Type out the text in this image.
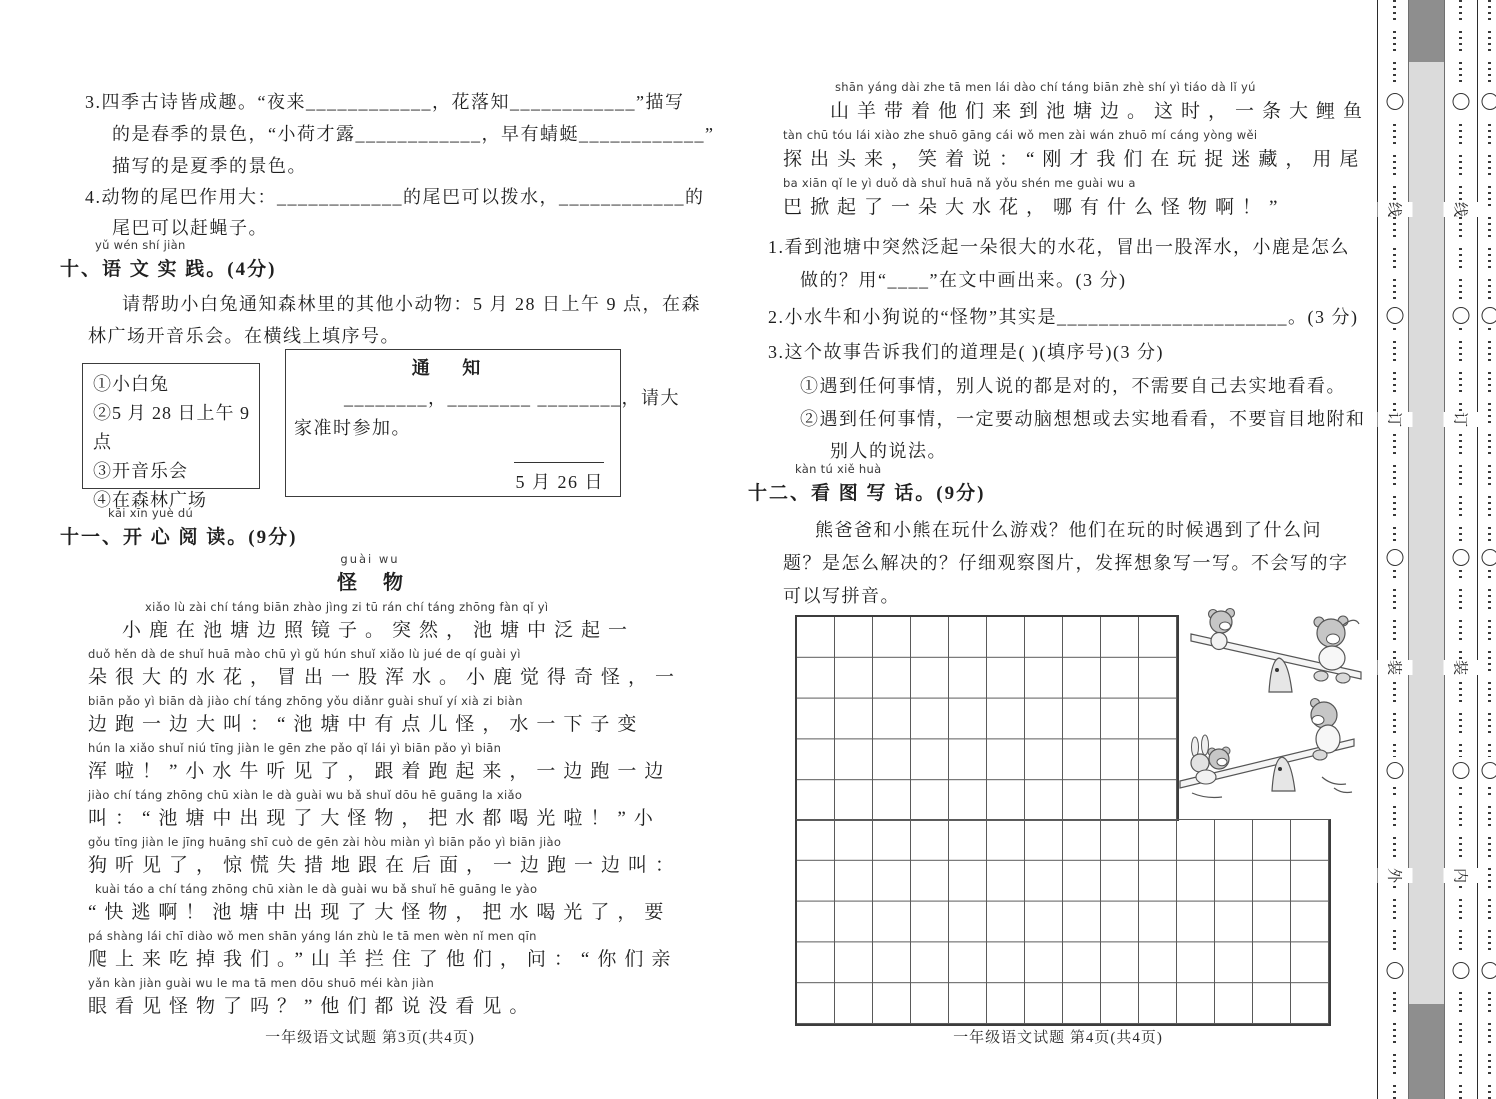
3.四季古诗皆成趣。“夜来____________，花落知____________”描写
的是春季的景色，“小荷才露____________，早有蜻蜓____________”
描写的是夏季的景色。
4.动物的尾巴作用大：____________的尾巴可以拨水，____________的
尾巴可以赶蝇子。
yǔ wén shí jiàn
十、语 文 实 践。(4分)
请帮助小白兔通知森林里的其他小动物：5 月 28 日上午 9 点，在森
林广场开音乐会。在横线上填序号。
①小白兔
②5 月 28 日上午 9 点
③开音乐会
④在森林广场
通 知
________，________ ________，请大
家准时参加。
5 月 26 日
kāi xīn yuè dú
十一、开 心 阅 读。(9分)
guài wu
怪物
xiǎo lù zài chí táng biān zhào jìng zi tū rán chí táng zhōng fàn qǐ yì
小鹿在池塘边照镜子。突然，池塘中泛起一
duǒ hěn dà de shuǐ huā mào chū yì gǔ hún shuǐ xiǎo lù jué de qí guài yì
朵很大的水花，冒出一股浑水。小鹿觉得奇怪，一
biān pǎo yì biān dà jiào chí táng zhōng yǒu diǎnr guài shuǐ yí xià zi biàn
边跑一边大叫：“池塘中有点儿怪，水一下子变
hún la xiǎo shuǐ niú tīng jiàn le gēn zhe pǎo qǐ lái yì biān pǎo yì biān
浑啦！”小水牛听见了，跟着跑起来，一边跑一边
jiào chí táng zhōng chū xiàn le dà guài wu bǎ shuǐ dōu hē guāng la xiǎo
叫：“池塘中出现了大怪物，把水都喝光啦！”小
gǒu tīng jiàn le jīng huāng shī cuò de gēn zài hòu miàn yì biān pǎo yì biān jiào
狗听见了，惊慌失措地跟在后面，一边跑一边叫：
kuài táo a chí táng zhōng chū xiàn le dà guài wu bǎ shuǐ hē guāng le yào
“快逃啊！池塘中出现了大怪物，把水喝光了，要
pá shàng lái chī diào wǒ men shān yáng lán zhù le tā men wèn nǐ men qīn
爬上来吃掉我们。”山羊拦住了他们，问：“你们亲
yǎn kàn jiàn guài wu le ma tā men dōu shuō méi kàn jiàn
眼看见怪物了吗？”他们都说没看见。
一年级语文试题 第3页(共4页)
shān yáng dài zhe tā men lái dào chí táng biān zhè shí yì tiáo dà lǐ yú
山羊带着他们来到池塘边。这时，一条大鲤鱼
tàn chū tóu lái xiào zhe shuō gāng cái wǒ men zài wán zhuō mí cáng yòng wěi
探出头来，笑着说：“刚才我们在玩捉迷藏，用尾
ba xiān qǐ le yì duǒ dà shuǐ huā nǎ yǒu shén me guài wu a
巴掀起了一朵大水花，哪有什么怪物啊！”
1.看到池塘中突然泛起一朵很大的水花，冒出一股浑水，小鹿是怎么
做的？用“____”在文中画出来。(3 分)
2.小水牛和小狗说的“怪物”其实是______________________。(3 分)
3.这个故事告诉我们的道理是( )(填序号)(3 分)
①遇到任何事情，别人说的都是对的，不需要自己去实地看看。
②遇到任何事情，一定要动脑想想或去实地看看，不要盲目地附和
别人的说法。
kàn tú xiě huà
十二、看 图 写 话。(9分)
熊爸爸和小熊在玩什么游戏？他们在玩的时候遇到了什么问
题？是怎么解决的？仔细观察图片，发挥想象写一写。不会写的字
可以写拼音。
一年级语文试题 第4页(共4页)
线
订
装
外
线
订
装
内
